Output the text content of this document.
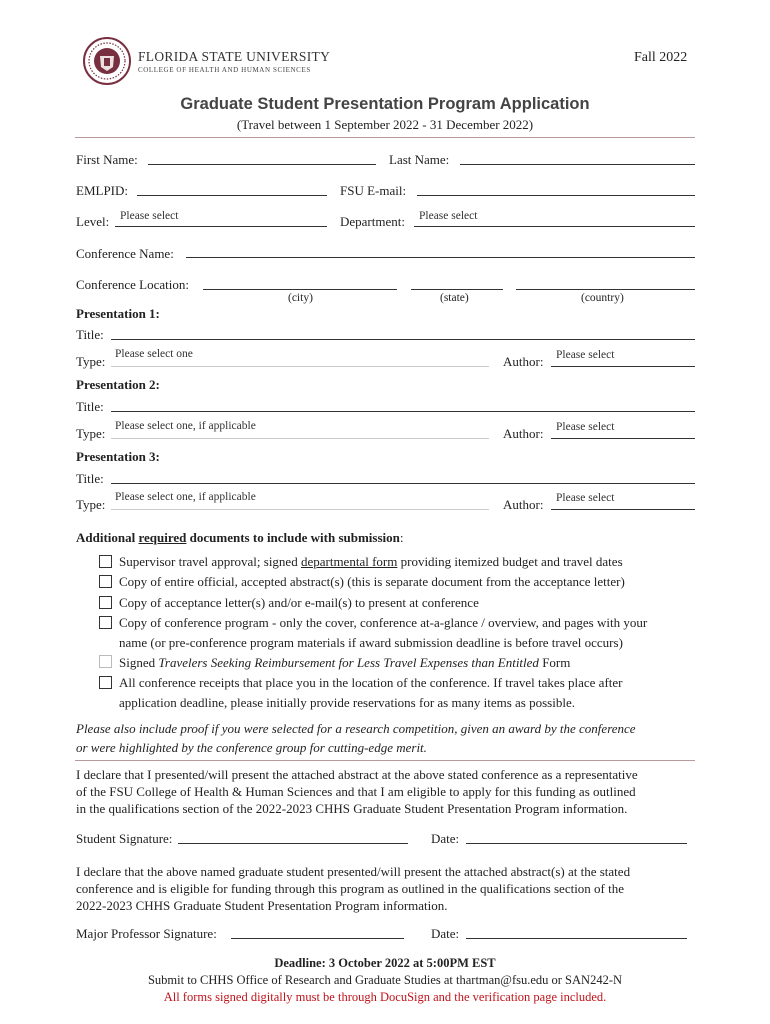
FLORIDA STATE UNIVERSITY
COLLEGE OF HEALTH AND HUMAN SCIENCES
Fall 2022
Graduate Student Presentation Program Application
(Travel between 1 September 2022 - 31 December 2022)
First Name:	Last Name:
EMLPID:	FSU E-mail:
Level: Please select	Department: Please select
Conference Name:
Conference Location:
(city)	(state)	(country)
Presentation 1:
Title:
Type: Please select one	Author: Please select
Presentation 2:
Title:
Type: Please select one, if applicable	Author: Please select
Presentation 3:
Title:
Type: Please select one, if applicable	Author: Please select
Additional required documents to include with submission:
Supervisor travel approval; signed departmental form providing itemized budget and travel dates
Copy of entire official, accepted abstract(s) (this is separate document from the acceptance letter)
Copy of acceptance letter(s) and/or e-mail(s) to present at conference
Copy of conference program - only the cover, conference at-a-glance / overview, and pages with your
name (or pre-conference program materials if award submission deadline is before travel occurs)
Signed Travelers Seeking Reimbursement for Less Travel Expenses than Entitled Form
All conference receipts that place you in the location of the conference. If travel takes place after
application deadline, please initially provide reservations for as many items as possible.
Please also include proof if you were selected for a research competition, given an award by the conference
or were highlighted by the conference group for cutting-edge merit.
I declare that I presented/will present the attached abstract at the above stated conference as a representative
of the FSU College of Health & Human Sciences and that I am eligible to apply for this funding as outlined
in the qualifications section of the 2022-2023 CHHS Graduate Student Presentation Program information.
Student Signature:	Date:
I declare that the above named graduate student presented/will present the attached abstract(s) at the stated
conference and is eligible for funding through this program as outlined in the qualifications section of the
2022-2023 CHHS Graduate Student Presentation Program information.
Major Professor Signature:	Date:
Deadline: 3 October 2022 at 5:00PM EST
Submit to CHHS Office of Research and Graduate Studies at thartman@fsu.edu or SAN242-N
All forms signed digitally must be through DocuSign and the verification page included.
